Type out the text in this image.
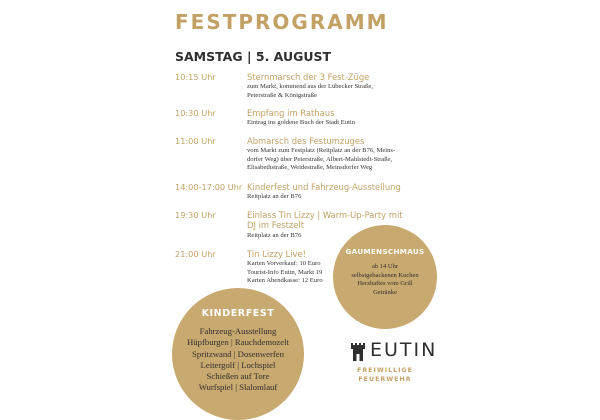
FESTPROGRAMM
SAMSTAG | 5. AUGUST
10:15 Uhr	Sternmarsch der 3 Fest-Züge
zum Markt, kommend aus der Lübecker Straße,
Peterstraße & Königstraße
10:30 Uhr	Empfang im Rathaus
Eintrag ins goldene Buch der Stadt Eutin
11:00 Uhr	Abmarsch des Festumzuges
vom Markt zum Festplatz (Reitplatz an der B76, Meins-
dorfer Weg) über Peterstraße, Albert-Mahlstedt-Straße,
Elisabethstraße, Weidestraße, Meinsdorfer Weg
14:00-17:00 Uhr Kinderfest und Fahrzeug-Ausstellung
Reitplatz an der B76
19:30 Uhr	Einlass Tin Lizzy | Warm-Up-Party mit DJ im Festzelt
Reitplatz an der B76
21:00 Uhr	Tin Lizzy Live!
Karten Vorverkauf: 10 Euro
Tourist-Info Eutin, Markt 19
Karten Abendkasse: 12 Euro
GAUMENSCHMAUS
ab 14 Uhr
selbstgebackenen Kuchen
Herzhaftes vom Grill
Getränke
KINDERFEST
Fahrzeug-Ausstellung
Hüpfburgen | Rauchdemozelt
Spritzwand | Dosenwerfen
Leitergolf | Lochspiel
Schießen auf Tore
Wurfspiel | Slalomlauf
EUTIN
FREIWILLIGE
FEUERWEHR
